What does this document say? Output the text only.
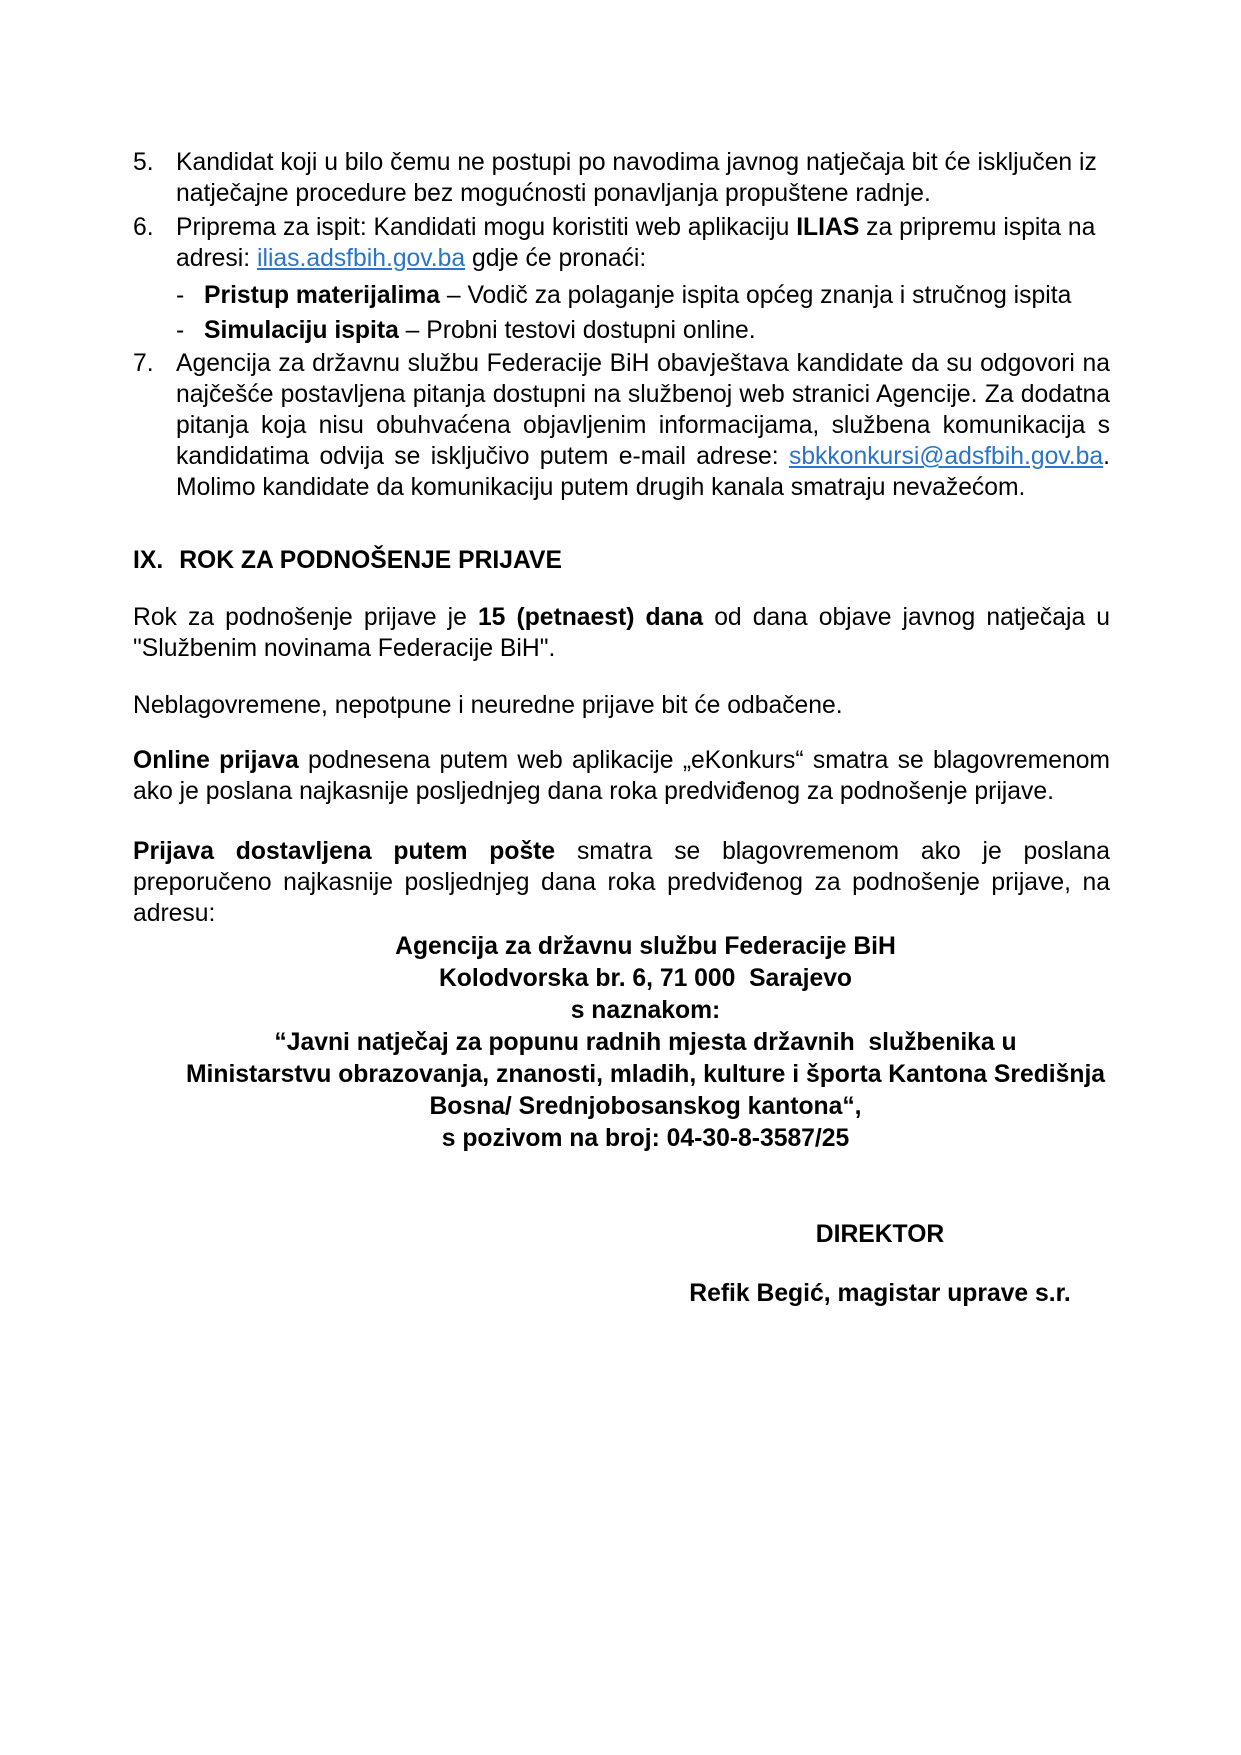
5. Kandidat koji u bilo čemu ne postupi po navodima javnog natječaja bit će isključen iz natječajne procedure bez mogućnosti ponavljanja propuštene radnje.
6. Priprema za ispit: Kandidati mogu koristiti web aplikaciju ILIAS za pripremu ispita na adresi: ilias.adsfbih.gov.ba gdje će pronaći:
- Pristup materijalima – Vodič za polaganje ispita općeg znanja i stručnog ispita
- Simulaciju ispita – Probni testovi dostupni online.
7. Agencija za državnu službu Federacije BiH obavještava kandidate da su odgovori na najčešće postavljena pitanja dostupni na službenoj web stranici Agencije. Za dodatna pitanja koja nisu obuhvaćena objavljenim informacijama, službena komunikacija s kandidatima odvija se isključivo putem e-mail adrese: sbkkonkursi@adsfbih.gov.ba. Molimo kandidate da komunikaciju putem drugih kanala smatraju nevažećom.
IX. ROK ZA PODNOŠENJE PRIJAVE
Rok za podnošenje prijave je 15 (petnaest) dana od dana objave javnog natječaja u "Službenim novinama Federacije BiH".
Neblagovremene, nepotpune i neuredne prijave bit će odbačene.
Online prijava podnesena putem web aplikacije „eKonkurs“ smatra se blagovremenom ako je poslana najkasnije posljednjeg dana roka predviđenog za podnošenje prijave.
Prijava dostavljena putem pošte smatra se blagovremenom ako je poslana preporučeno najkasnije posljednjeg dana roka predviđenog za podnošenje prijave, na adresu:
Agencija za državnu službu Federacije BiH
Kolodvorska br. 6, 71 000  Sarajevo
s naznakom:
“Javni natječaj za popunu radnih mjesta državnih  službenika u
Ministarstvu obrazovanja, znanosti, mladih, kulture i športa Kantona Središnja
Bosna/ Srednjobosanskog kantona“,
s pozivom na broj: 04-30-8-3587/25
DIREKTOR
Refik Begić, magistar uprave s.r.
